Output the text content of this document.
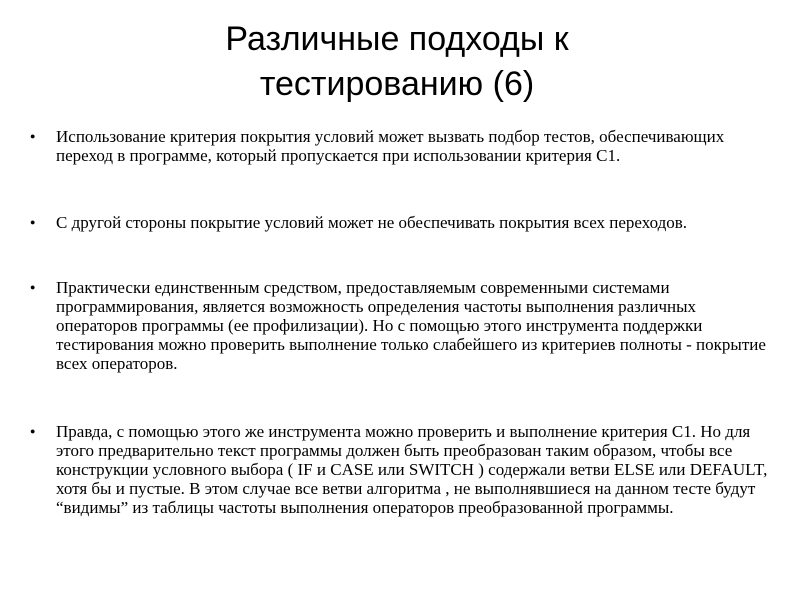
Различные подходы к
тестированию (6)
● Использование критерия покрытия условий может вызвать подбор тестов, обеспечивающих переход в программе, который пропускается при использовании критерия С1.
● С другой стороны покрытие условий может не обеспечивать покрытия всех переходов.
● Практически единственным средством, предоставляемым современными системами программирования, является возможность определения частоты выполнения различных операторов программы (ее профилизации). Но с помощью этого инструмента поддержки тестирования можно проверить выполнение только слабейшего из критериев полноты - покрытие всех операторов.
● Правда, с помощью этого же инструмента можно проверить и выполнение критерия С1. Но для этого предварительно текст программы должен быть преобразован таким образом, чтобы все конструкции условного выбора ( IF и CASE или SWITCH ) содержали ветви ELSE или DEFAULT, хотя бы и пустые. В этом случае все ветви алгоритма , не выполнявшиеся на данном тесте будут “видимы” из таблицы частоты выполнения операторов преобразованной программы.
